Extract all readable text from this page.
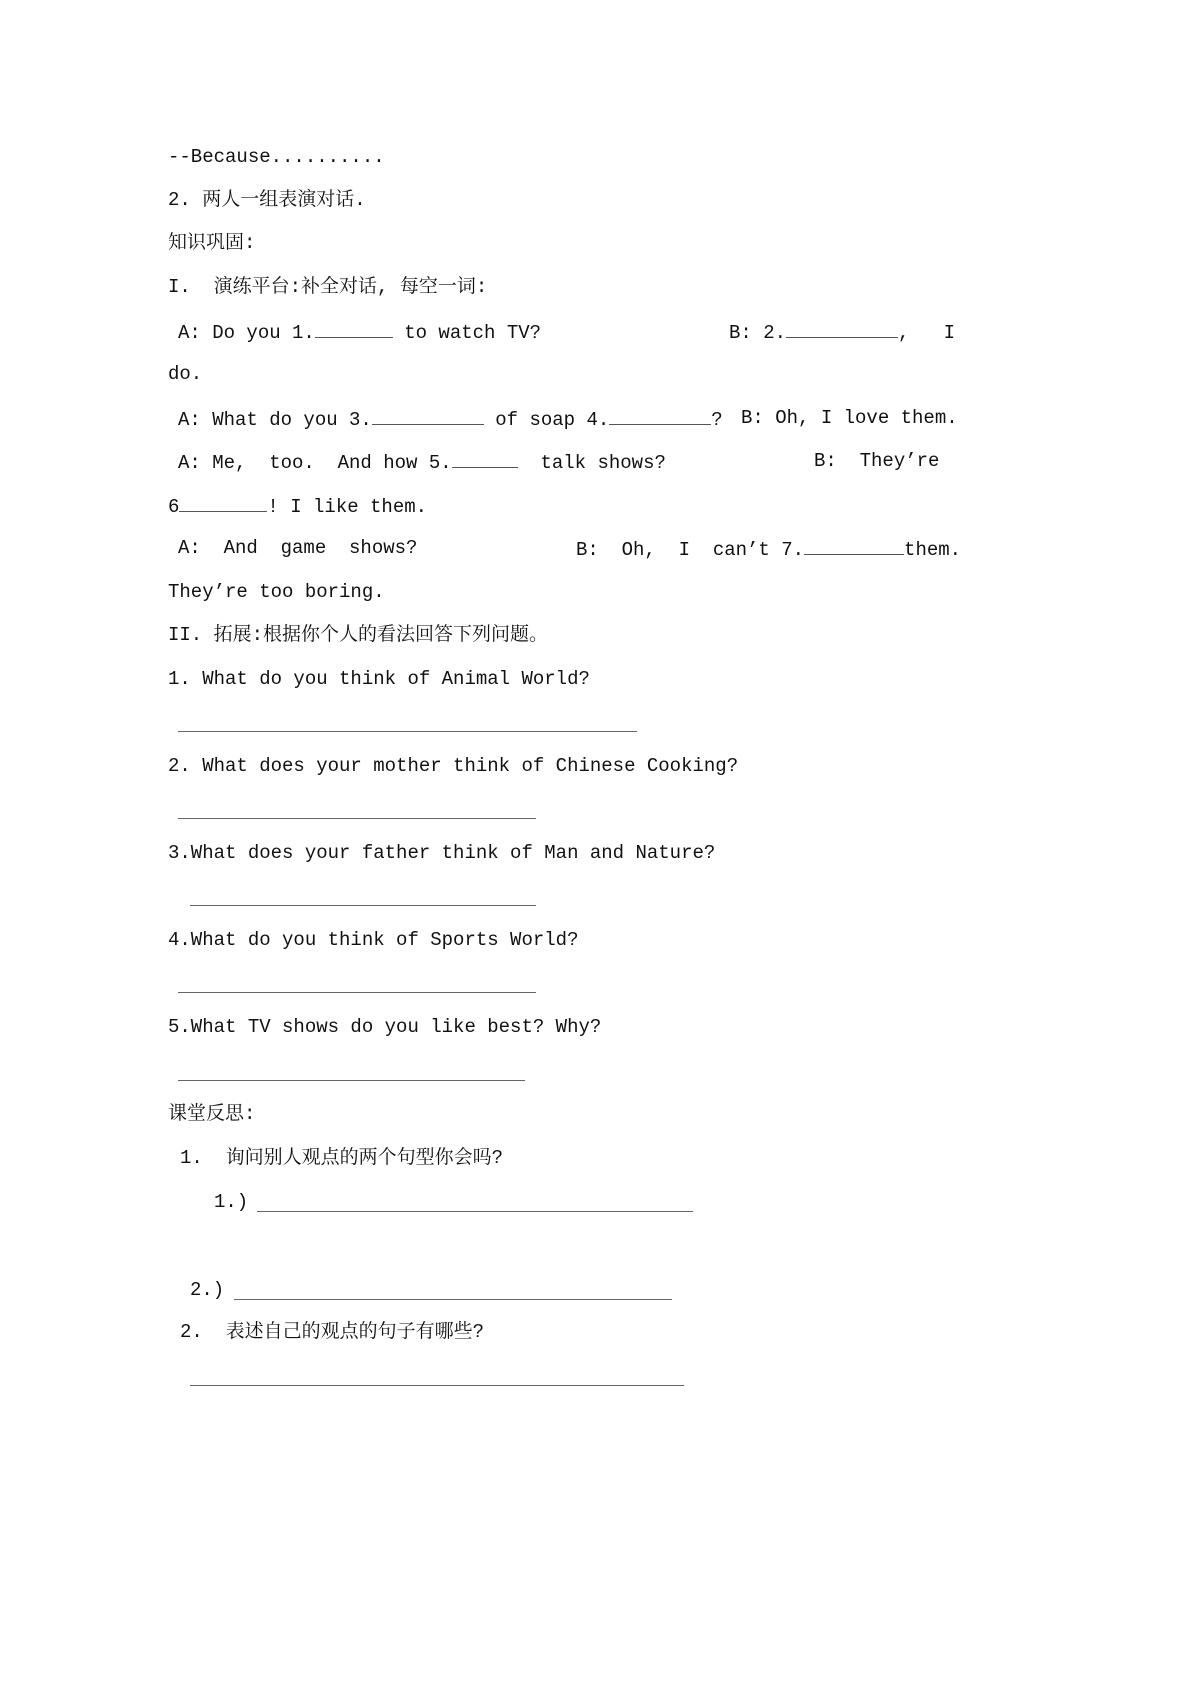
--Because..........
2. 两人一组表演对话.
知识巩固:
I.  演练平台:补全对话, 每空一词:
A: Do you 1.	to watch TV?	B: 2.	,   I
do.
A: What do you 3.	of soap 4.	? B: Oh, I love them.
A: Me,  too.  And how 5.	talk shows?	B:  They’re
6	! I like them.
A:  And  game  shows?	B:  Oh,  I  can’t 7.	them.
They’re too boring.
II. 拓展:根据你个人的看法回答下列问题。
1. What do you think of Animal World?
2. What does your mother think of Chinese Cooking?
3.What does your father think of Man and Nature?
4.What do you think of Sports World?
5.What TV shows do you like best? Why?
课堂反思:
1.  询问别人观点的两个句型你会吗?
1.)
2.)
2.  表述自己的观点的句子有哪些?
